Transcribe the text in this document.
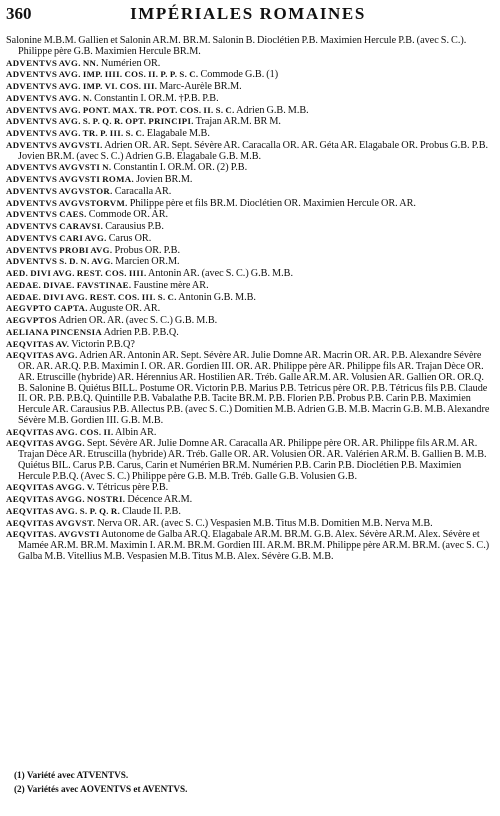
360	IMPÉRIALES ROMAINES
Salonine M.B.M. Gallien et Salonin AR.M. BR.M. Salonin B. Dioclétien P.B. Maximien Hercule P.B. (avec S. C.). Philippe père G.B. Maximien Hercule BR.M.
ADVENTVS AVG. NN. Numérien OR.
ADVENTVS AVG. IMP. IIII. COS. II. P. P. S. C. Commode G.B. (1)
ADVENTVS AVG. IMP. VI. COS. III. Marc-Aurèle BR.M.
ADVENTVS AVG. N. Constantin I. OR.M. †P.B. P.B.
ADVENTVS AVG. PONT. MAX. TR. POT. COS. II. S. C. Adrien G.B. M.B.
ADVENTVS AVG. S. P. Q. R. OPT. PRINCIPI. Trajan AR.M. BR M.
ADVENTVS AVG. TR. P. III. S. C. Elagabale M.B.
ADVENTVS AVGVSTI. Adrien OR. AR. Sept. Sévère AR. Caracalla OR. AR. Géta AR. Elagabale OR. Probus G.B. P.B. Jovien BR.M. (avec S. C.) Adrien G.B. Elagabale G.B. M.B.
ADVENTVS AVGVSTI N. Constantin I. OR.M. OR. (2) P.B.
ADVENTVS AVGVSTI ROMA. Jovien BR.M.
ADVENTVS AVGVSTOR. Caracalla AR.
ADVENTVS AVGVSTORVM. Philippe père et fils BR.M. Dioclétien OR. Maximien Hercule OR. AR.
ADVENTVS CAES. Commode OR. AR.
ADVENTVS CARAVSI. Carausius P.B.
ADVENTVS CARI AVG. Carus OR.
ADVENTVS PROBI AVG. Probus OR. P.B.
ADVENTVS S. D. N. AVG. Marcien OR.M.
AED. DIVI AVG. REST. COS. IIII. Antonin AR. (avec S. C.) G.B. M.B.
AEDAE. DIVAE. FAVSTINAE. Faustine mère AR.
AEDAE. DIVI AVG. REST. COS. III. S. C. Antonin G.B. M.B.
AEGVPTO CAPTA. Auguste OR. AR.
AEGVPTOS Adrien OR. AR. (avec S. C.) G.B. M.B.
AELIANA PINCENSIA Adrien P.B. P.B.Q.
AEQVITAS AV. Victorin P.B.Q?
AEQVITAS AVG. Adrien AR. Antonin AR. Sept. Sévère AR. Julie Domne AR. Macrin OR. AR. P.B. Alexandre Sévère OR. AR. AR.Q. P.B. Maximin I. OR. AR. Gordien III. OR. AR. Philippe père AR. Philippe fils AR. Trajan Dèce OR. AR. Etruscille (hybride) AR. Hérennius AR. Hostilien AR. Tréb. Galle AR.M. AR. Volusien AR. Gallien OR. OR.Q. B. Salonine B. Quiétus BILL. Postume OR. Victorin P.B. Marius P.B. Tetricus père OR. P.B. Tétricus fils P.B. Claude II. OR. P.B. P.B.Q. Quintille P.B. Vabalathe P.B. Tacite BR.M. P.B. Florien P.B. Probus P.B. Carin P.B. Maximien Hercule AR. Carausius P.B. Allectus P.B. (avec S. C.) Domitien M.B. Adrien G.B. M.B. Macrin G.B. M.B. Alexandre Sévère M.B. Gordien III. G.B. M.B.
AEQVITAS AVG. COS. II. Albin AR.
AEQVITAS AVGG. Sept. Sévère AR. Julie Domne AR. Caracalla AR. Philippe père OR. AR. Philippe fils AR.M. AR. Trajan Dèce AR. Etruscilla (hybride) AR. Tréb. Galle OR. AR. Volusien OR. AR. Valérien AR.M. B. Gallien B. M.B. Quiétus BIL. Carus P.B. Carus, Carin et Numérien BR.M. Numérien P.B. Carin P.B. Dioclétien P.B. Maximien Hercule P.B.Q. (Avec S. C.) Philippe père G.B. M.B. Tréb. Galle G.B. Volusien G.B.
AEQVITAS AVGG. V. Tétricus père P.B.
AEQVITAS AVGG. NOSTRI. Décence AR.M.
AEQVITAS AVG. S. P. Q. R. Claude II. P.B.
AEQVITAS AVGVST. Nerva OR. AR. (avec S. C.) Vespasien M.B. Titus M.B. Domitien M.B. Nerva M.B.
AEQVITAS. AVGVSTI Autonome de Galba AR.Q. Elagabale AR.M. BR.M. G.B. Alex. Sévère AR.M. Alex. Sévère et Mamée AR.M. BR.M. Maximin I. AR.M. BR.M. Gordien III. AR.M. BR.M. Philippe père AR.M. BR.M. (avec S. C.) Galba M.B. Vitellius M.B. Vespasien M.B. Titus M.B. Alex. Sévère G.B. M.B.
(1) Variété avec ATVENTVS.
(2) Variétés avec AOVENTVS et AVENTVS.
